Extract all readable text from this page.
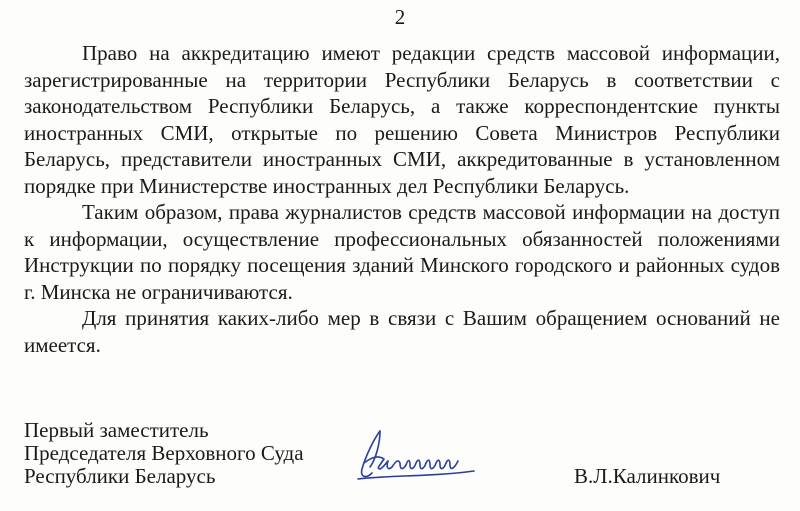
2

Право на аккредитацию имеют редакции средств массовой информации, зарегистрированные на территории Республики Беларусь в соответствии с законодательством Республики Беларусь, а также корреспондентские пункты иностранных СМИ, открытые по решению Совета Министров Республики Беларусь, представители иностранных СМИ, аккредитованные в установленном порядке при Министерстве иностранных дел Республики Беларусь.

Таким образом, права журналистов средств массовой информации на доступ к информации, осуществление профессиональных обязанностей положениями Инструкции по порядку посещения зданий Минского городского и районных судов г. Минска не ограничиваются.

Для принятия каких-либо мер в связи с Вашим обращением оснований не имеется.

Первый заместитель
Председателя Верховного Суда
Республики Беларусь	В.Л.Калинкович
